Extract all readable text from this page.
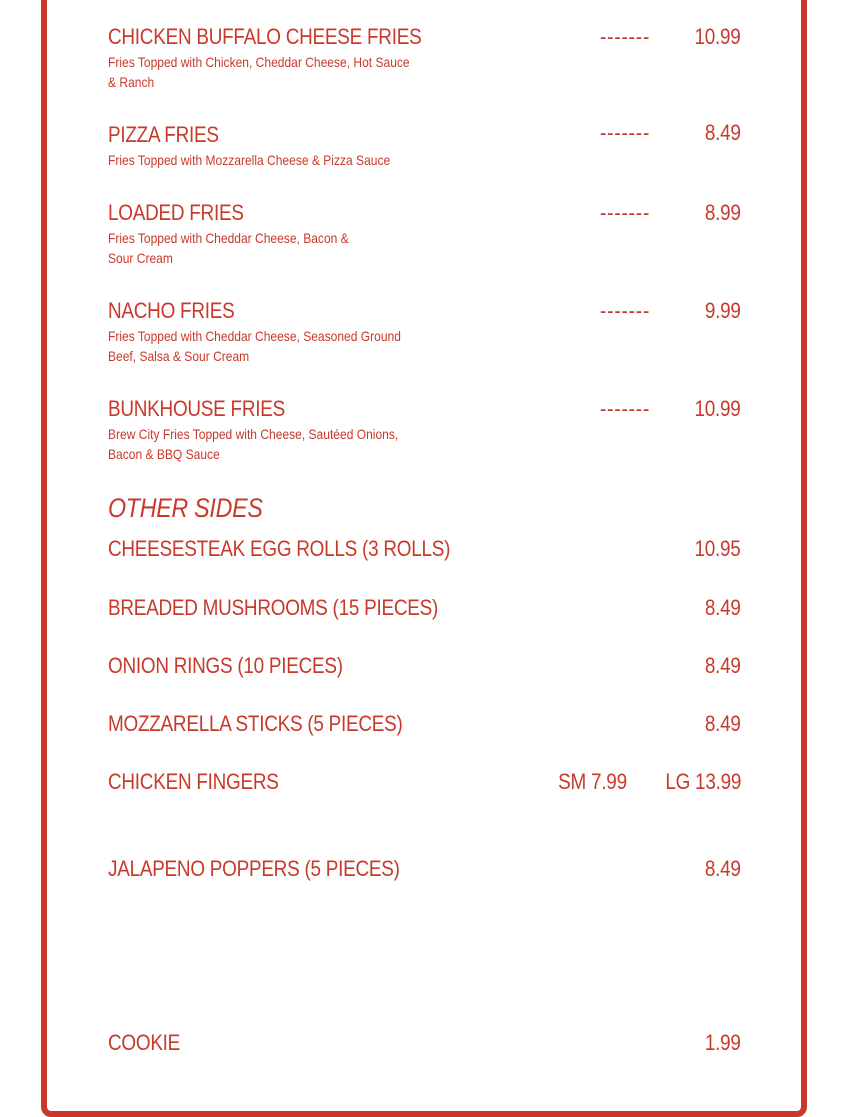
CHICKEN BUFFALO CHEESE FRIES	------- 10.99
Fries Topped with Chicken, Cheddar Cheese, Hot Sauce
& Ranch
PIZZA FRIES	-------	8.49
Fries Topped with Mozzarella Cheese & Pizza Sauce
LOADED FRIES	-------	8.99
Fries Topped with Cheddar Cheese, Bacon &
Sour Cream
NACHO FRIES	-------	9.99
Fries Topped with Cheddar Cheese, Seasoned Ground
Beef, Salsa & Sour Cream
BUNKHOUSE FRIES	------- 10.99
Brew City Fries Topped with Cheese, Sautéed Onions,
Bacon & BBQ Sauce
OTHER SIDES
CHEESESTEAK EGG ROLLS (3 ROLLS)	10.95
BREADED MUSHROOMS (15 PIECES)	8.49
ONION RINGS (10 PIECES)	8.49
MOZZARELLA STICKS (5 PIECES)	8.49
CHICKEN FINGERS	SM 7.99 LG 13.99
JALAPENO POPPERS (5 PIECES)	8.49
COOKIE	1.99
